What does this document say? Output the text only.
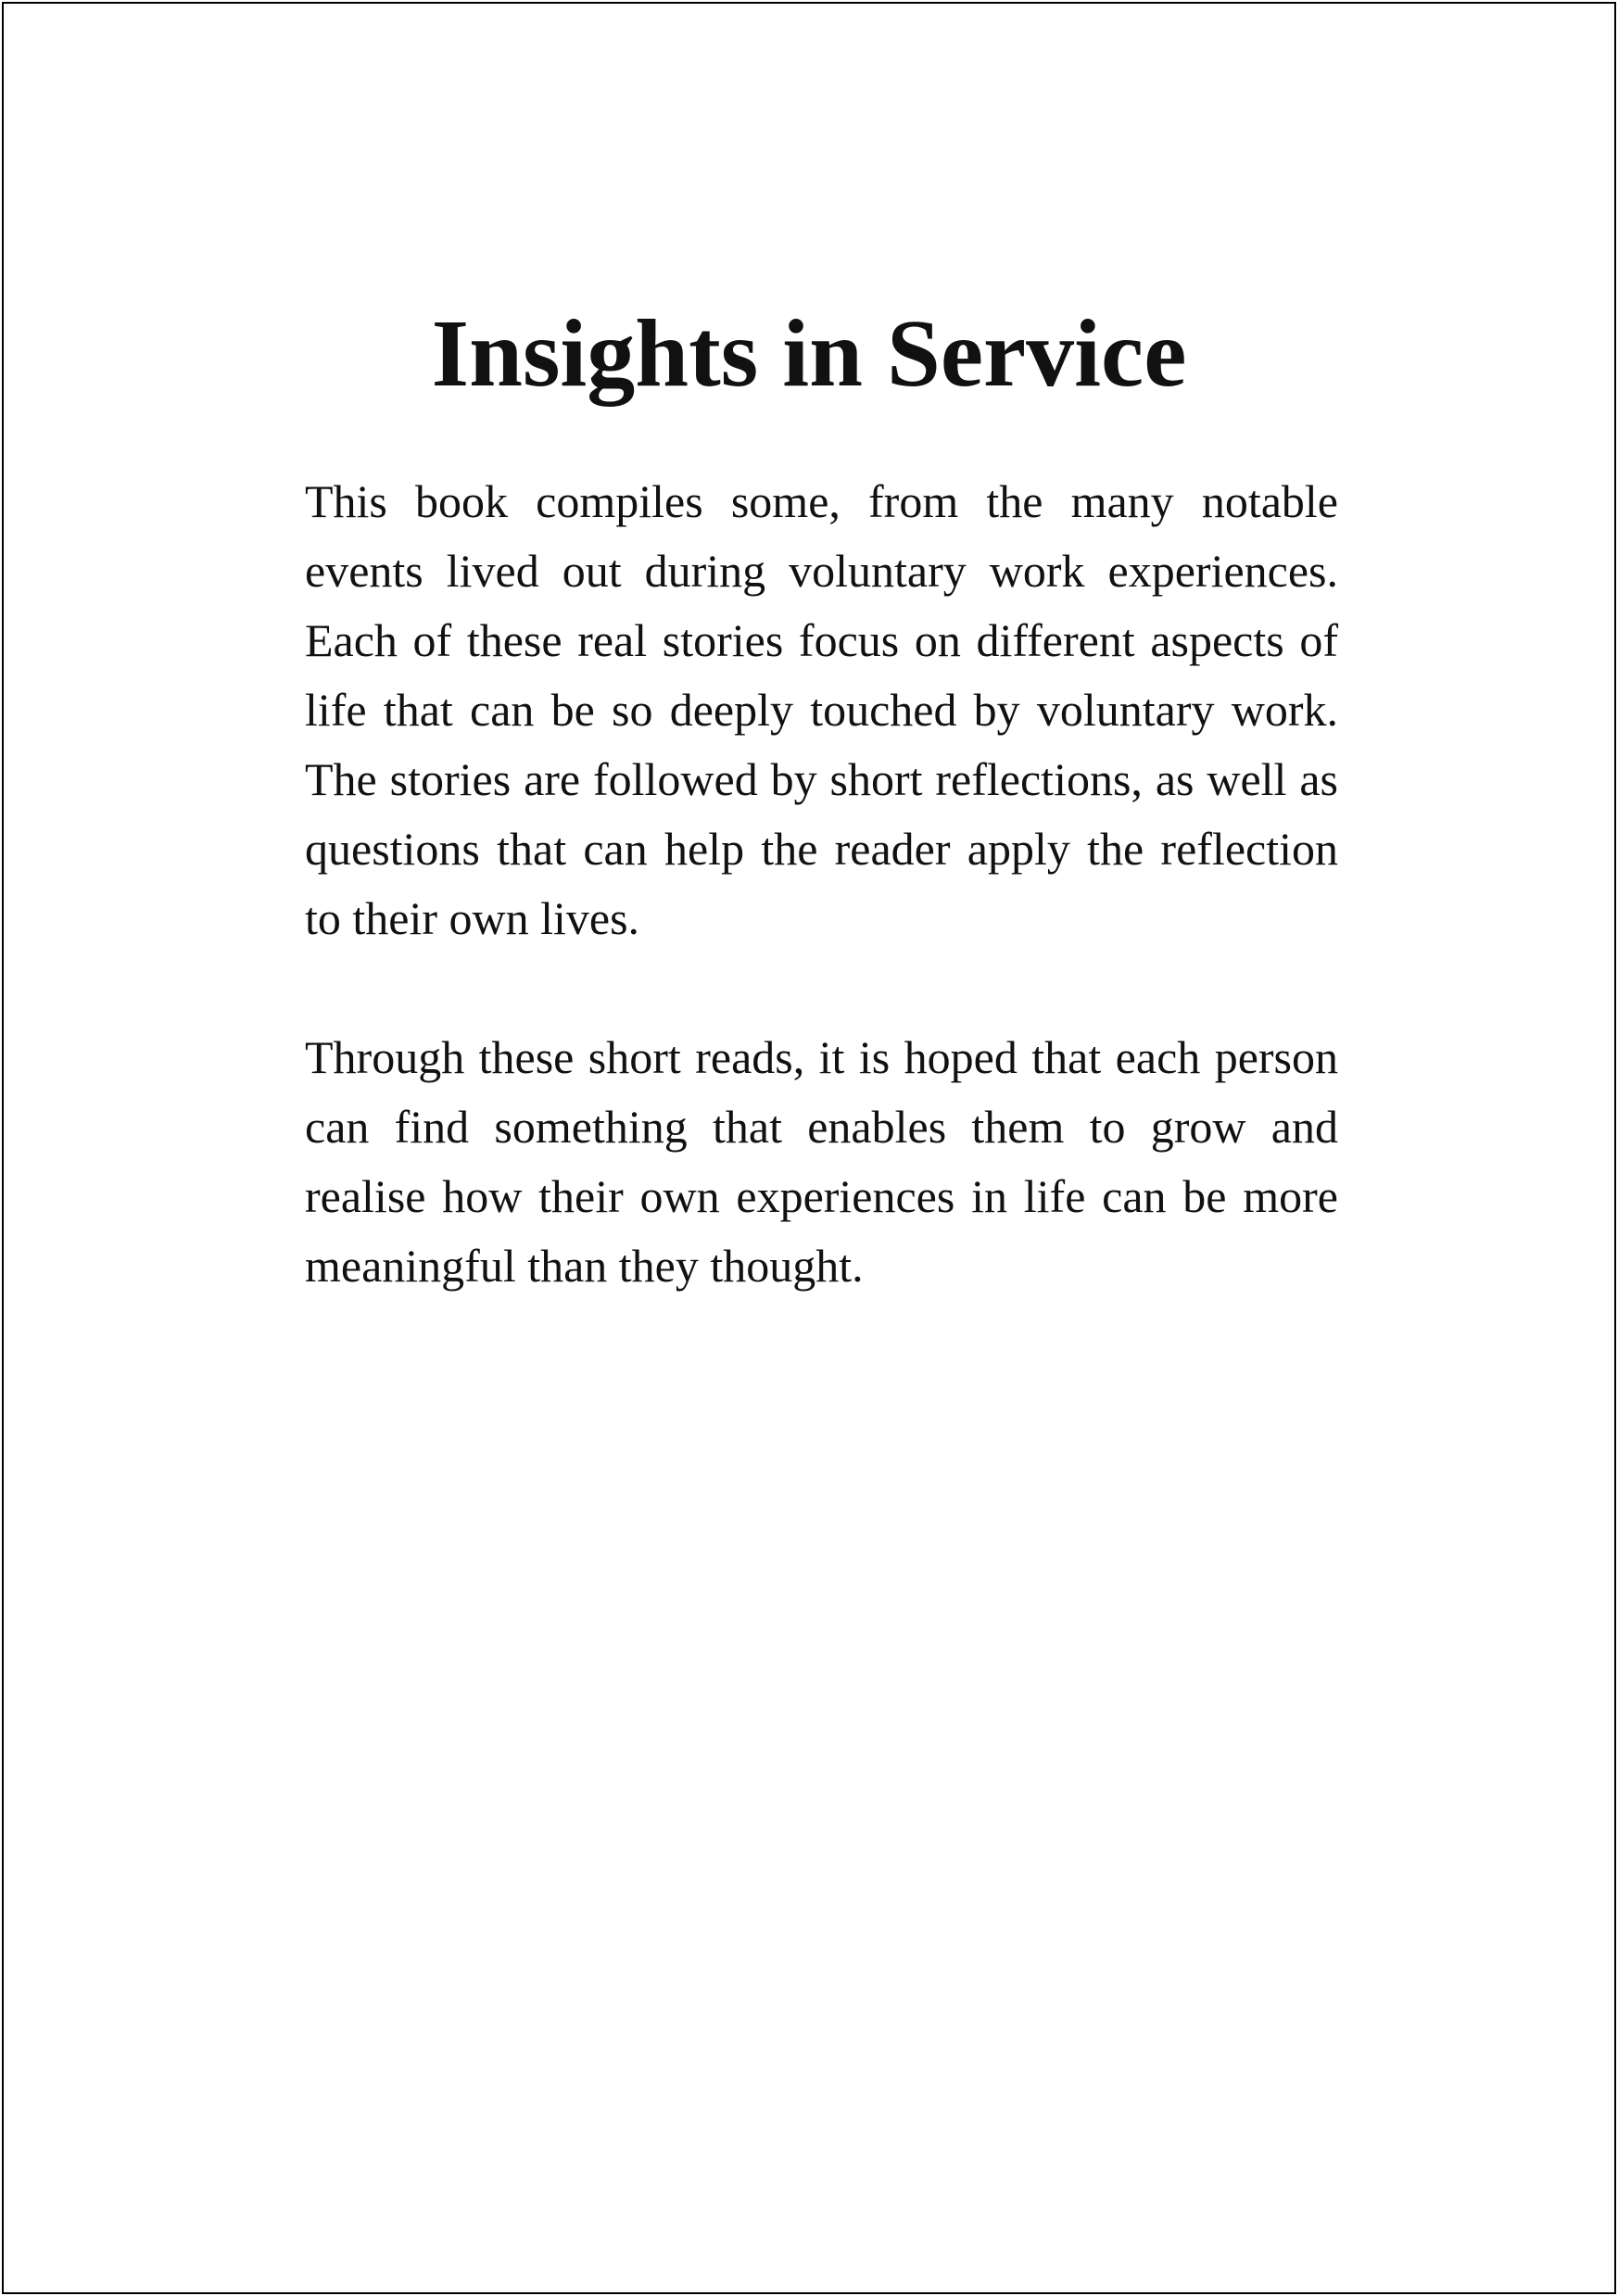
Insights in Service

This book compiles some, from the many notable events lived out during voluntary work experiences. Each of these real stories focus on different aspects of life that can be so deeply touched by voluntary work. The stories are followed by short reflections, as well as questions that can help the reader apply the reflection to their own lives.

Through these short reads, it is hoped that each person can find something that enables them to grow and realise how their own experiences in life can be more meaningful than they thought.
